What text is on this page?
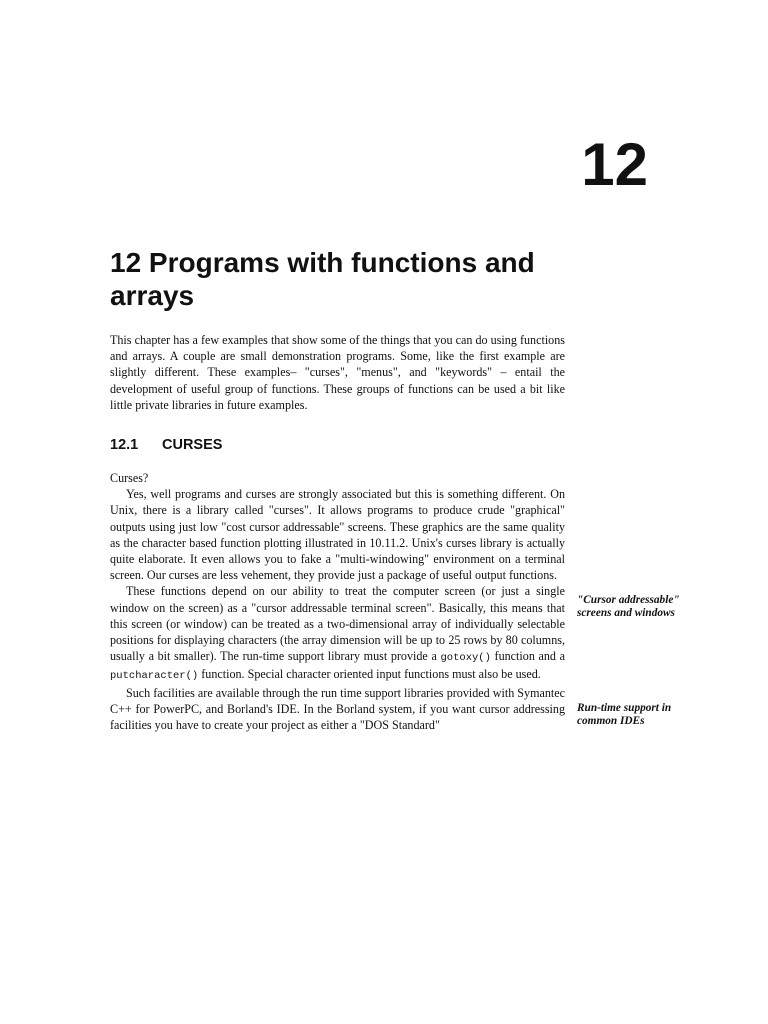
12
12 Programs with functions and arrays

This chapter has a few examples that show some of the things that you can do using functions and arrays. A couple are small demonstration programs. Some, like the first example are slightly different. These examples– "curses", "menus", and "keywords" – entail the development of useful group of functions. These groups of functions can be used a bit like little private libraries in future examples.

12.1 CURSES

Curses?

Yes, well programs and curses are strongly associated but this is something different. On Unix, there is a library called "curses". It allows programs to produce crude "graphical" outputs using just low "cost cursor addressable" screens. These graphics are the same quality as the character based function plotting illustrated in 10.11.2. Unix's curses library is actually quite elaborate. It even allows you to fake a "multi-windowing" environment on a terminal screen. Our curses are less vehement, they provide just a package of useful output functions.

These functions depend on our ability to treat the computer screen (or just a single window on the screen) as a "cursor addressable terminal screen". Basically, this means that this screen (or window) can be treated as a two-dimensional array of individually selectable positions for displaying characters (the array dimension will be up to 25 rows by 80 columns, usually a bit smaller). The run-time support library must provide a gotoxy() function and a putcharacter() function. Special character oriented input functions must also be used.

Such facilities are available through the run time support libraries provided with Symantec C++ for PowerPC, and Borland's IDE. In the Borland system, if you want cursor addressing facilities you have to create your project as either a "DOS Standard"

"Cursor addressable" screens and windows
Run-time support in common IDEs
